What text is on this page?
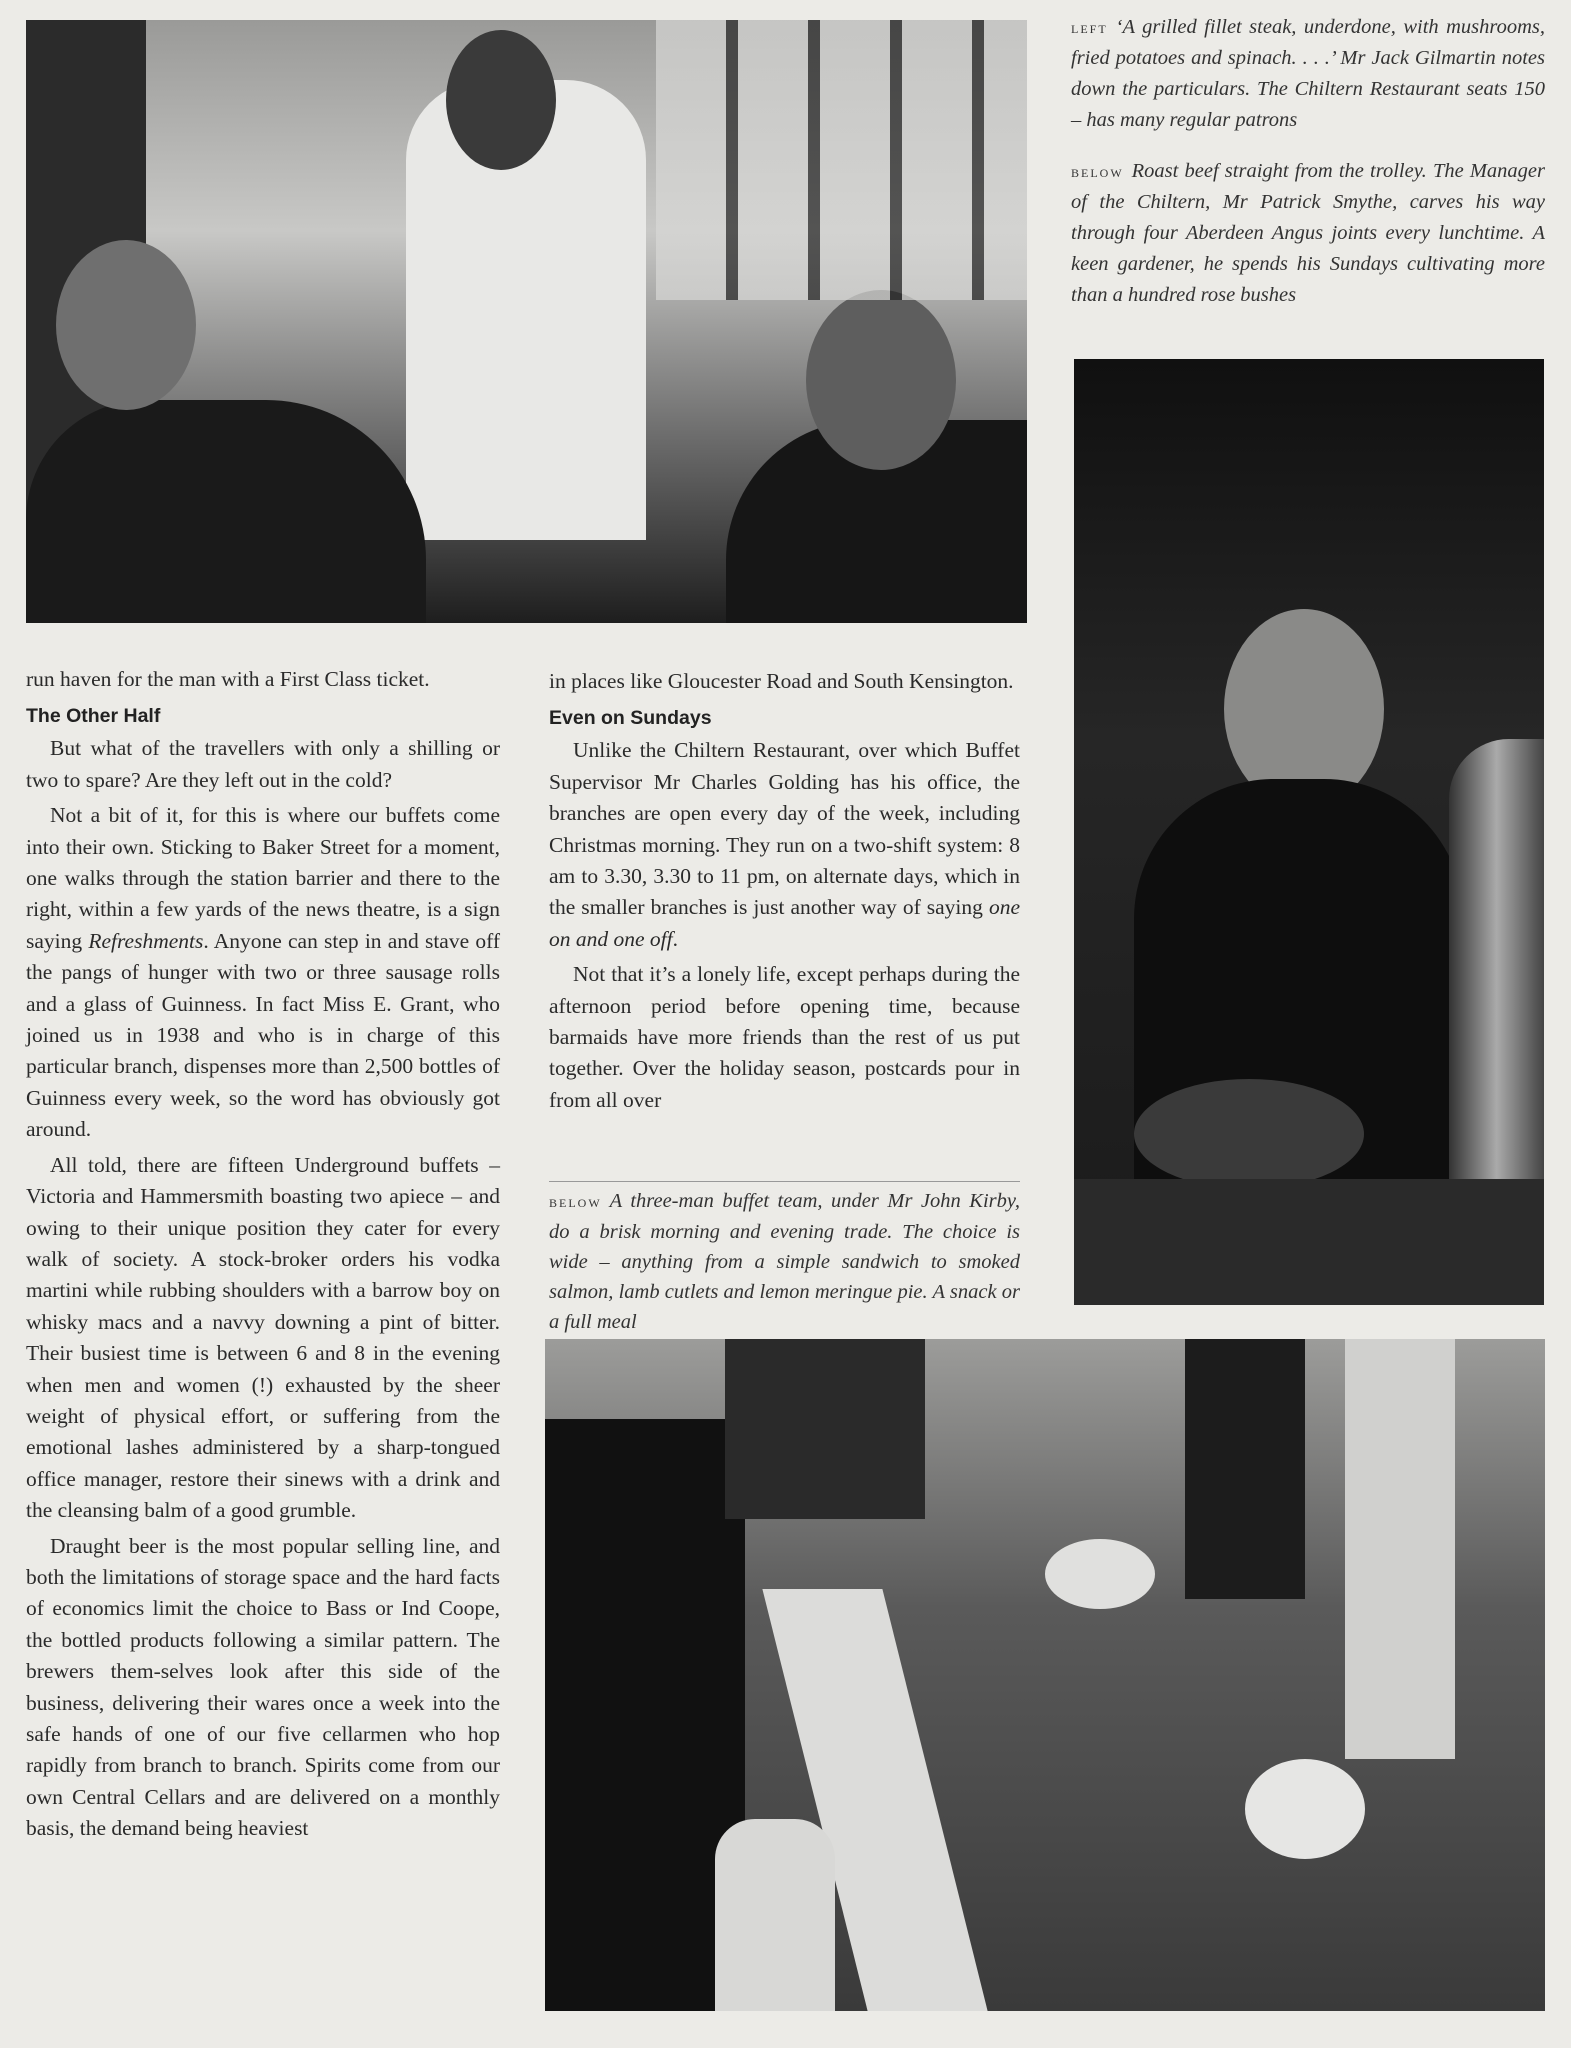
left ‘A grilled fillet steak, underdone, with mushrooms, fried potatoes and spinach. . . .’ Mr Jack Gilmartin notes down the particulars. The Chiltern Restaurant seats 150 – has many regular patrons

below Roast beef straight from the trolley. The Manager of the Chiltern, Mr Patrick Smythe, carves his way through four Aberdeen Angus joints every lunchtime. A keen gardener, he spends his Sundays cultivating more than a hundred rose bushes

run haven for the man with a First Class ticket.

The Other Half

But what of the travellers with only a shilling or two to spare? Are they left out in the cold?

Not a bit of it, for this is where our buffets come into their own. Sticking to Baker Street for a moment, one walks through the station barrier and there to the right, within a few yards of the news theatre, is a sign saying Refreshments. Anyone can step in and stave off the pangs of hunger with two or three sausage rolls and a glass of Guinness. In fact Miss E. Grant, who joined us in 1938 and who is in charge of this particular branch, dispenses more than 2,500 bottles of Guinness every week, so the word has obviously got around.

All told, there are fifteen Underground buffets – Victoria and Hammersmith boasting two apiece – and owing to their unique position they cater for every walk of society. A stock-broker orders his vodka martini while rubbing shoulders with a barrow boy on whisky macs and a navvy downing a pint of bitter. Their busiest time is between 6 and 8 in the evening when men and women (!) exhausted by the sheer weight of physical effort, or suffering from the emotional lashes administered by a sharp-tongued office manager, restore their sinews with a drink and the cleansing balm of a good grumble.

Draught beer is the most popular selling line, and both the limitations of storage space and the hard facts of economics limit the choice to Bass or Ind Coope, the bottled products following a similar pattern. The brewers them-selves look after this side of the business, delivering their wares once a week into the safe hands of one of our five cellarmen who hop rapidly from branch to branch. Spirits come from our own Central Cellars and are delivered on a monthly basis, the demand being heaviest

in places like Gloucester Road and South Kensington.

Even on Sundays

Unlike the Chiltern Restaurant, over which Buffet Supervisor Mr Charles Golding has his office, the branches are open every day of the week, including Christmas morning. They run on a two-shift system: 8 am to 3.30, 3.30 to 11 pm, on alternate days, which in the smaller branches is just another way of saying one on and one off.

Not that it’s a lonely life, except perhaps during the afternoon period before opening time, because barmaids have more friends than the rest of us put together. Over the holiday season, postcards pour in from all over

below A three-man buffet team, under Mr John Kirby, do a brisk morning and evening trade. The choice is wide – anything from a simple sandwich to smoked salmon, lamb cutlets and lemon meringue pie. A snack or a full meal
